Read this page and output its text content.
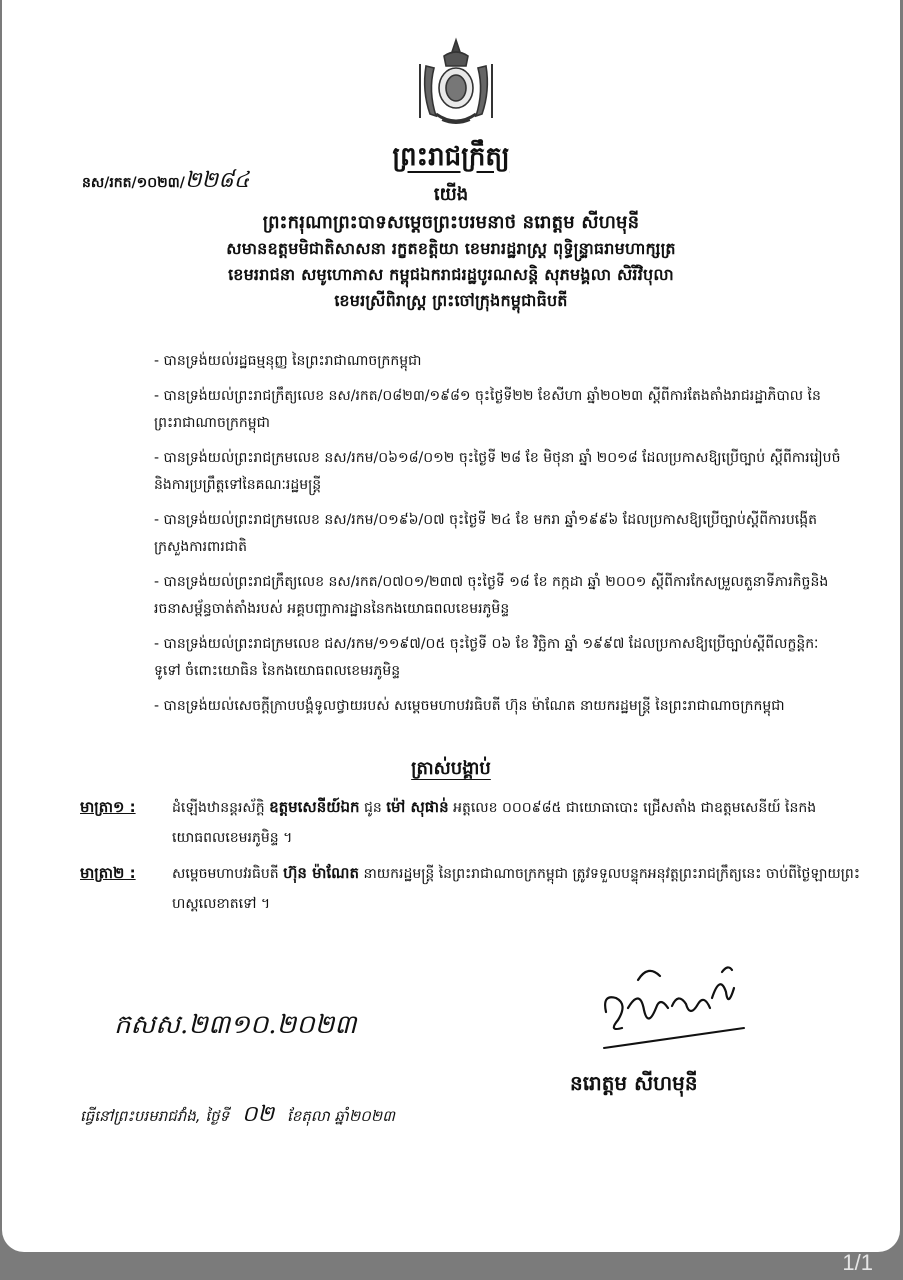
ព្រះរាជក្រឹត្យ
នស/រកត/១០២៣/២២៨៤
យើង
ព្រះករុណាព្រះបាទសម្តេចព្រះបរមនាថ នរោត្តម សីហមុនី
សមានឧត្តមមិជាតិសាសនា រក្ខតខត្តិយា ខេមរារដ្ឋរាស្ត្រ ពុទ្ធិន្ទ្រាធរាមហាក្សត្រ
ខេមររាជនា សមូហោភាស កម្ពុជឯករាជរដ្ឋបូរណសន្តិ សុភមង្គលា សិរីវិបុលា
ខេមរស្រីពិរាស្ត្រ ព្រះចៅក្រុងកម្ពុជាធិបតី
- បានទ្រង់យល់រដ្ឋធម្មនុញ្ញ នៃព្រះរាជាណាចក្រកម្ពុជា
- បានទ្រង់យល់ព្រះរាជក្រឹត្យលេខ នស/រកត/០៨២៣/១៩៨១ ចុះថ្ងៃទី២២ ខែសីហា ឆ្នាំ២០២៣ ស្តីពីការតែងតាំងរាជរដ្ឋាភិបាល នៃព្រះរាជាណាចក្រកម្ពុជា
- បានទ្រង់យល់ព្រះរាជក្រមលេខ នស/រកម/០៦១៨/០១២ ចុះថ្ងៃទី ២៨ ខែ មិថុនា ឆ្នាំ ២០១៨ ដែលប្រកាសឱ្យប្រើច្បាប់ ស្តីពីការរៀបចំ និងការប្រព្រឹត្តទៅនៃគណៈរដ្ឋមន្ត្រី
- បានទ្រង់យល់ព្រះរាជក្រមលេខ នស/រកម/០១៩៦/០៧ ចុះថ្ងៃទី ២៤ ខែ មករា ឆ្នាំ១៩៩៦ ដែលប្រកាសឱ្យប្រើច្បាប់ស្តីពីការបង្កើត ក្រសួងការពារជាតិ
- បានទ្រង់យល់ព្រះរាជក្រឹត្យលេខ នស/រកត/០៧០១/២៣៧ ចុះថ្ងៃទី ១៨ ខែ កក្កដា ឆ្នាំ ២០០១ ស្តីពីការកែសម្រួលតួនាទីភារកិច្ចនិងរចនាសម្ព័ន្ធចាត់តាំងរបស់ អគ្គបញ្ជាការដ្ឋាននៃកងយោធពលខេមរភូមិន្ទ
- បានទ្រង់យល់ព្រះរាជក្រមលេខ ជស/រកម/១១៩៧/០៥ ចុះថ្ងៃទី ០៦ ខែ វិច្ឆិកា ឆ្នាំ ១៩៩៧ ដែលប្រកាសឱ្យប្រើច្បាប់ស្តីពីលក្ខន្តិកៈទូទៅ ចំពោះយោធិន នៃកងយោធពលខេមរភូមិន្ទ
- បានទ្រង់យល់សេចក្តីក្រាបបង្គំទូលថ្វាយរបស់ សម្តេចមហាបវរធិបតី ហ៊ុន ម៉ាណែត នាយករដ្ឋមន្ត្រី នៃព្រះរាជាណាចក្រកម្ពុជា
ត្រាស់បង្គាប់
មាត្រា១ :	ដំឡើងឋានន្តរស័ក្តិ ឧត្តមសេនីយ៍ឯក ជូន ម៉ៅ សុផាន់ អត្តលេខ ០០០៩៨៥ ជាយោធាបោះ ជ្រើសតាំង ជាឧត្តមសេនីយ៍ នៃកងយោធពលខេមរភូមិន្ទ ។
មាត្រា២ :	សម្តេចមហាបវរធិបតី ហ៊ុន ម៉ាណែត នាយករដ្ឋមន្ត្រី នៃព្រះរាជាណាចក្រកម្ពុជា ត្រូវទទួលបន្ទុកអនុវត្តព្រះរាជក្រឹត្យនេះ ចាប់ពីថ្ងៃឡាយព្រះហស្តលេខាតទៅ ។
កសស.២៣១០.២០២៣
នរោត្តម សីហមុនី
ធ្វើនៅព្រះបរមរាជវាំង, ថ្ងៃទី ០២ ខែតុលា ឆ្នាំ២០២៣
1/1
